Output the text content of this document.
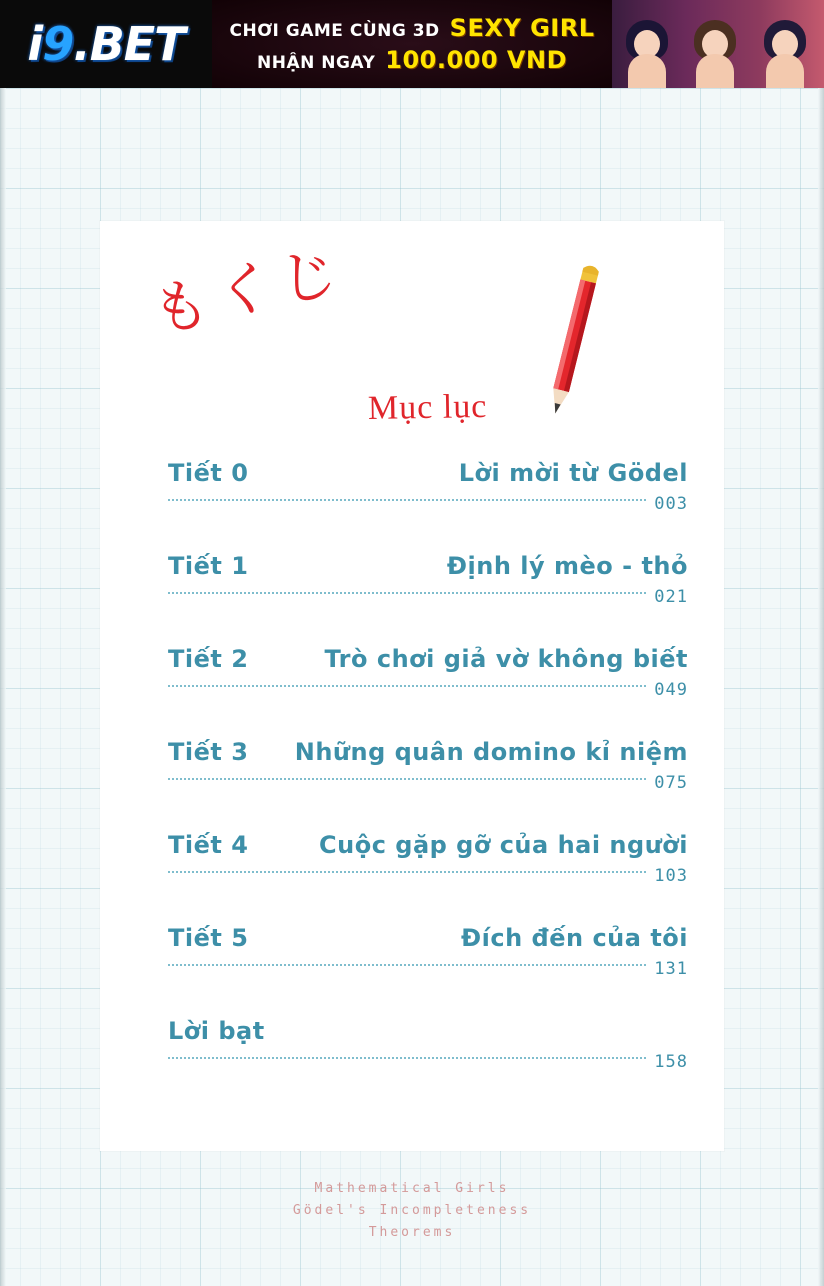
i9.BET	CHƠI GAME CÙNG 3D SEXY GIRL
NHẬN NGAY 100.000 VND
もくじ
Mục lục
Tiết 0	Lời mời từ Gödel
003
Tiết 1	Định lý mèo - thỏ
021
Tiết 2	Trò chơi giả vờ không biết
049
Tiết 3 Những quân domino kỉ niệm
075
Tiết 4	Cuộc gặp gỡ của hai người
103
Tiết 5	Đích đến của tôi
131
Lời bạt
158
Mathematical Girls
Gödel's Incompleteness
Theorems
